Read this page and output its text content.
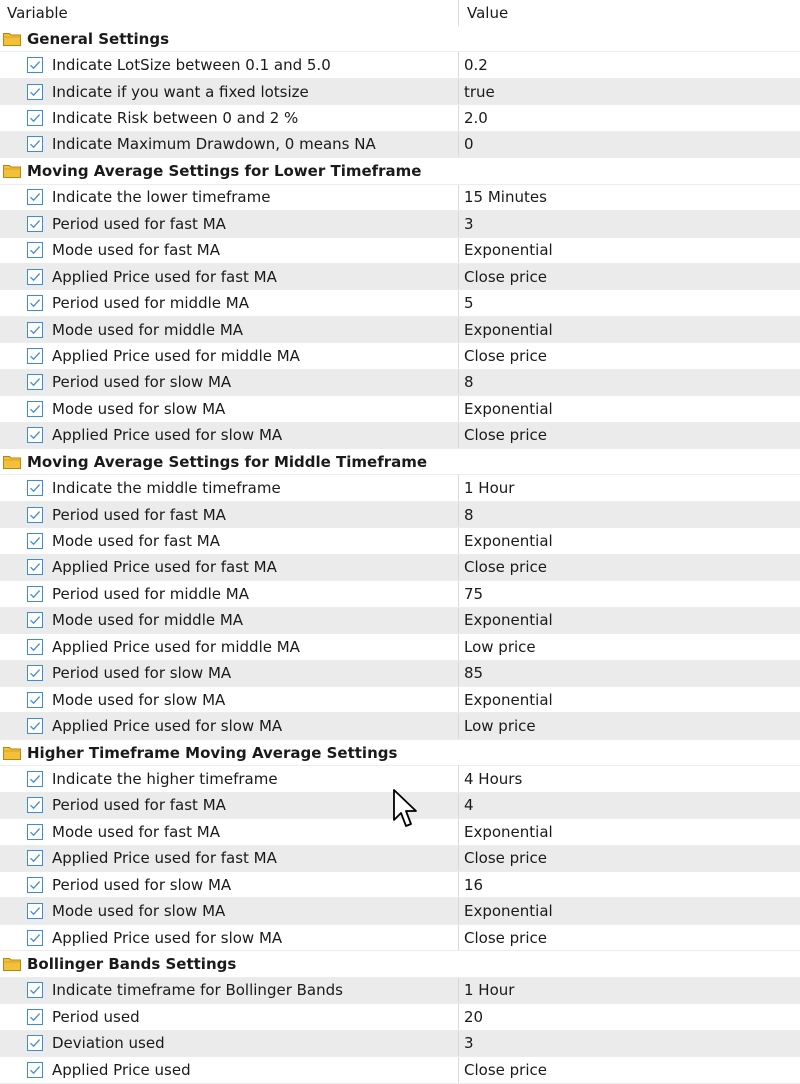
Variable	Value
General Settings
Indicate LotSize between 0.1 and 5.0	0.2
Indicate if you want a fixed lotsize	true
Indicate Risk between 0 and 2 %	2.0
Indicate Maximum Drawdown, 0 means NA	0
Moving Average Settings for Lower Timeframe
Indicate the lower timeframe	15 Minutes
Period used for fast MA	3
Mode used for fast MA	Exponential
Applied Price used for fast MA	Close price
Period used for middle MA	5
Mode used for middle MA	Exponential
Applied Price used for middle MA	Close price
Period used for slow MA	8
Mode used for slow MA	Exponential
Applied Price used for slow MA	Close price
Moving Average Settings for Middle Timeframe
Indicate the middle timeframe	1 Hour
Period used for fast MA	8
Mode used for fast MA	Exponential
Applied Price used for fast MA	Close price
Period used for middle MA	75
Mode used for middle MA	Exponential
Applied Price used for middle MA	Low price
Period used for slow MA	85
Mode used for slow MA	Exponential
Applied Price used for slow MA	Low price
Higher Timeframe Moving Average Settings
Indicate the higher timeframe	4 Hours
Period used for fast MA	4
Mode used for fast MA	Exponential
Applied Price used for fast MA	Close price
Period used for slow MA	16
Mode used for slow MA	Exponential
Applied Price used for slow MA	Close price
Bollinger Bands Settings
Indicate timeframe for Bollinger Bands	1 Hour
Period used	20
Deviation used	3
Applied Price used	Close price
